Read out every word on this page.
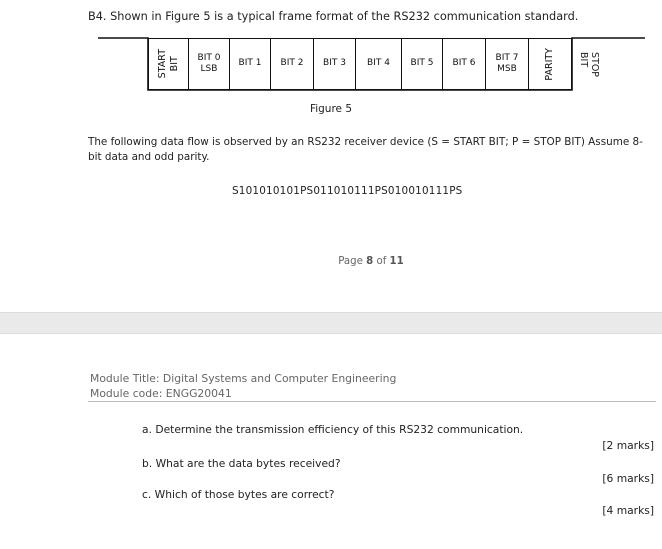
B4. Shown in Figure 5 is a typical frame format of the RS232 communication standard.
START
BIT BIT 0
LSB
BIT 1 BIT 2 BIT 3 BIT 4 BIT 5 BIT 6
BIT 7
MSB	PARITY	STOP
BIT
Figure 5
The following data flow is observed by an RS232 receiver device (S = START BIT; P = STOP BIT) Assume 8-bit data and odd parity.
S101010101PS011010111PS010010111PS
Page 8 of 11
Module Title: Digital Systems and Computer Engineering
Module code: ENGG20041
a. Determine the transmission efficiency of this RS232 communication.
[2 marks]
b. What are the data bytes received?
[6 marks]
c. Which of those bytes are correct?
[4 marks]
